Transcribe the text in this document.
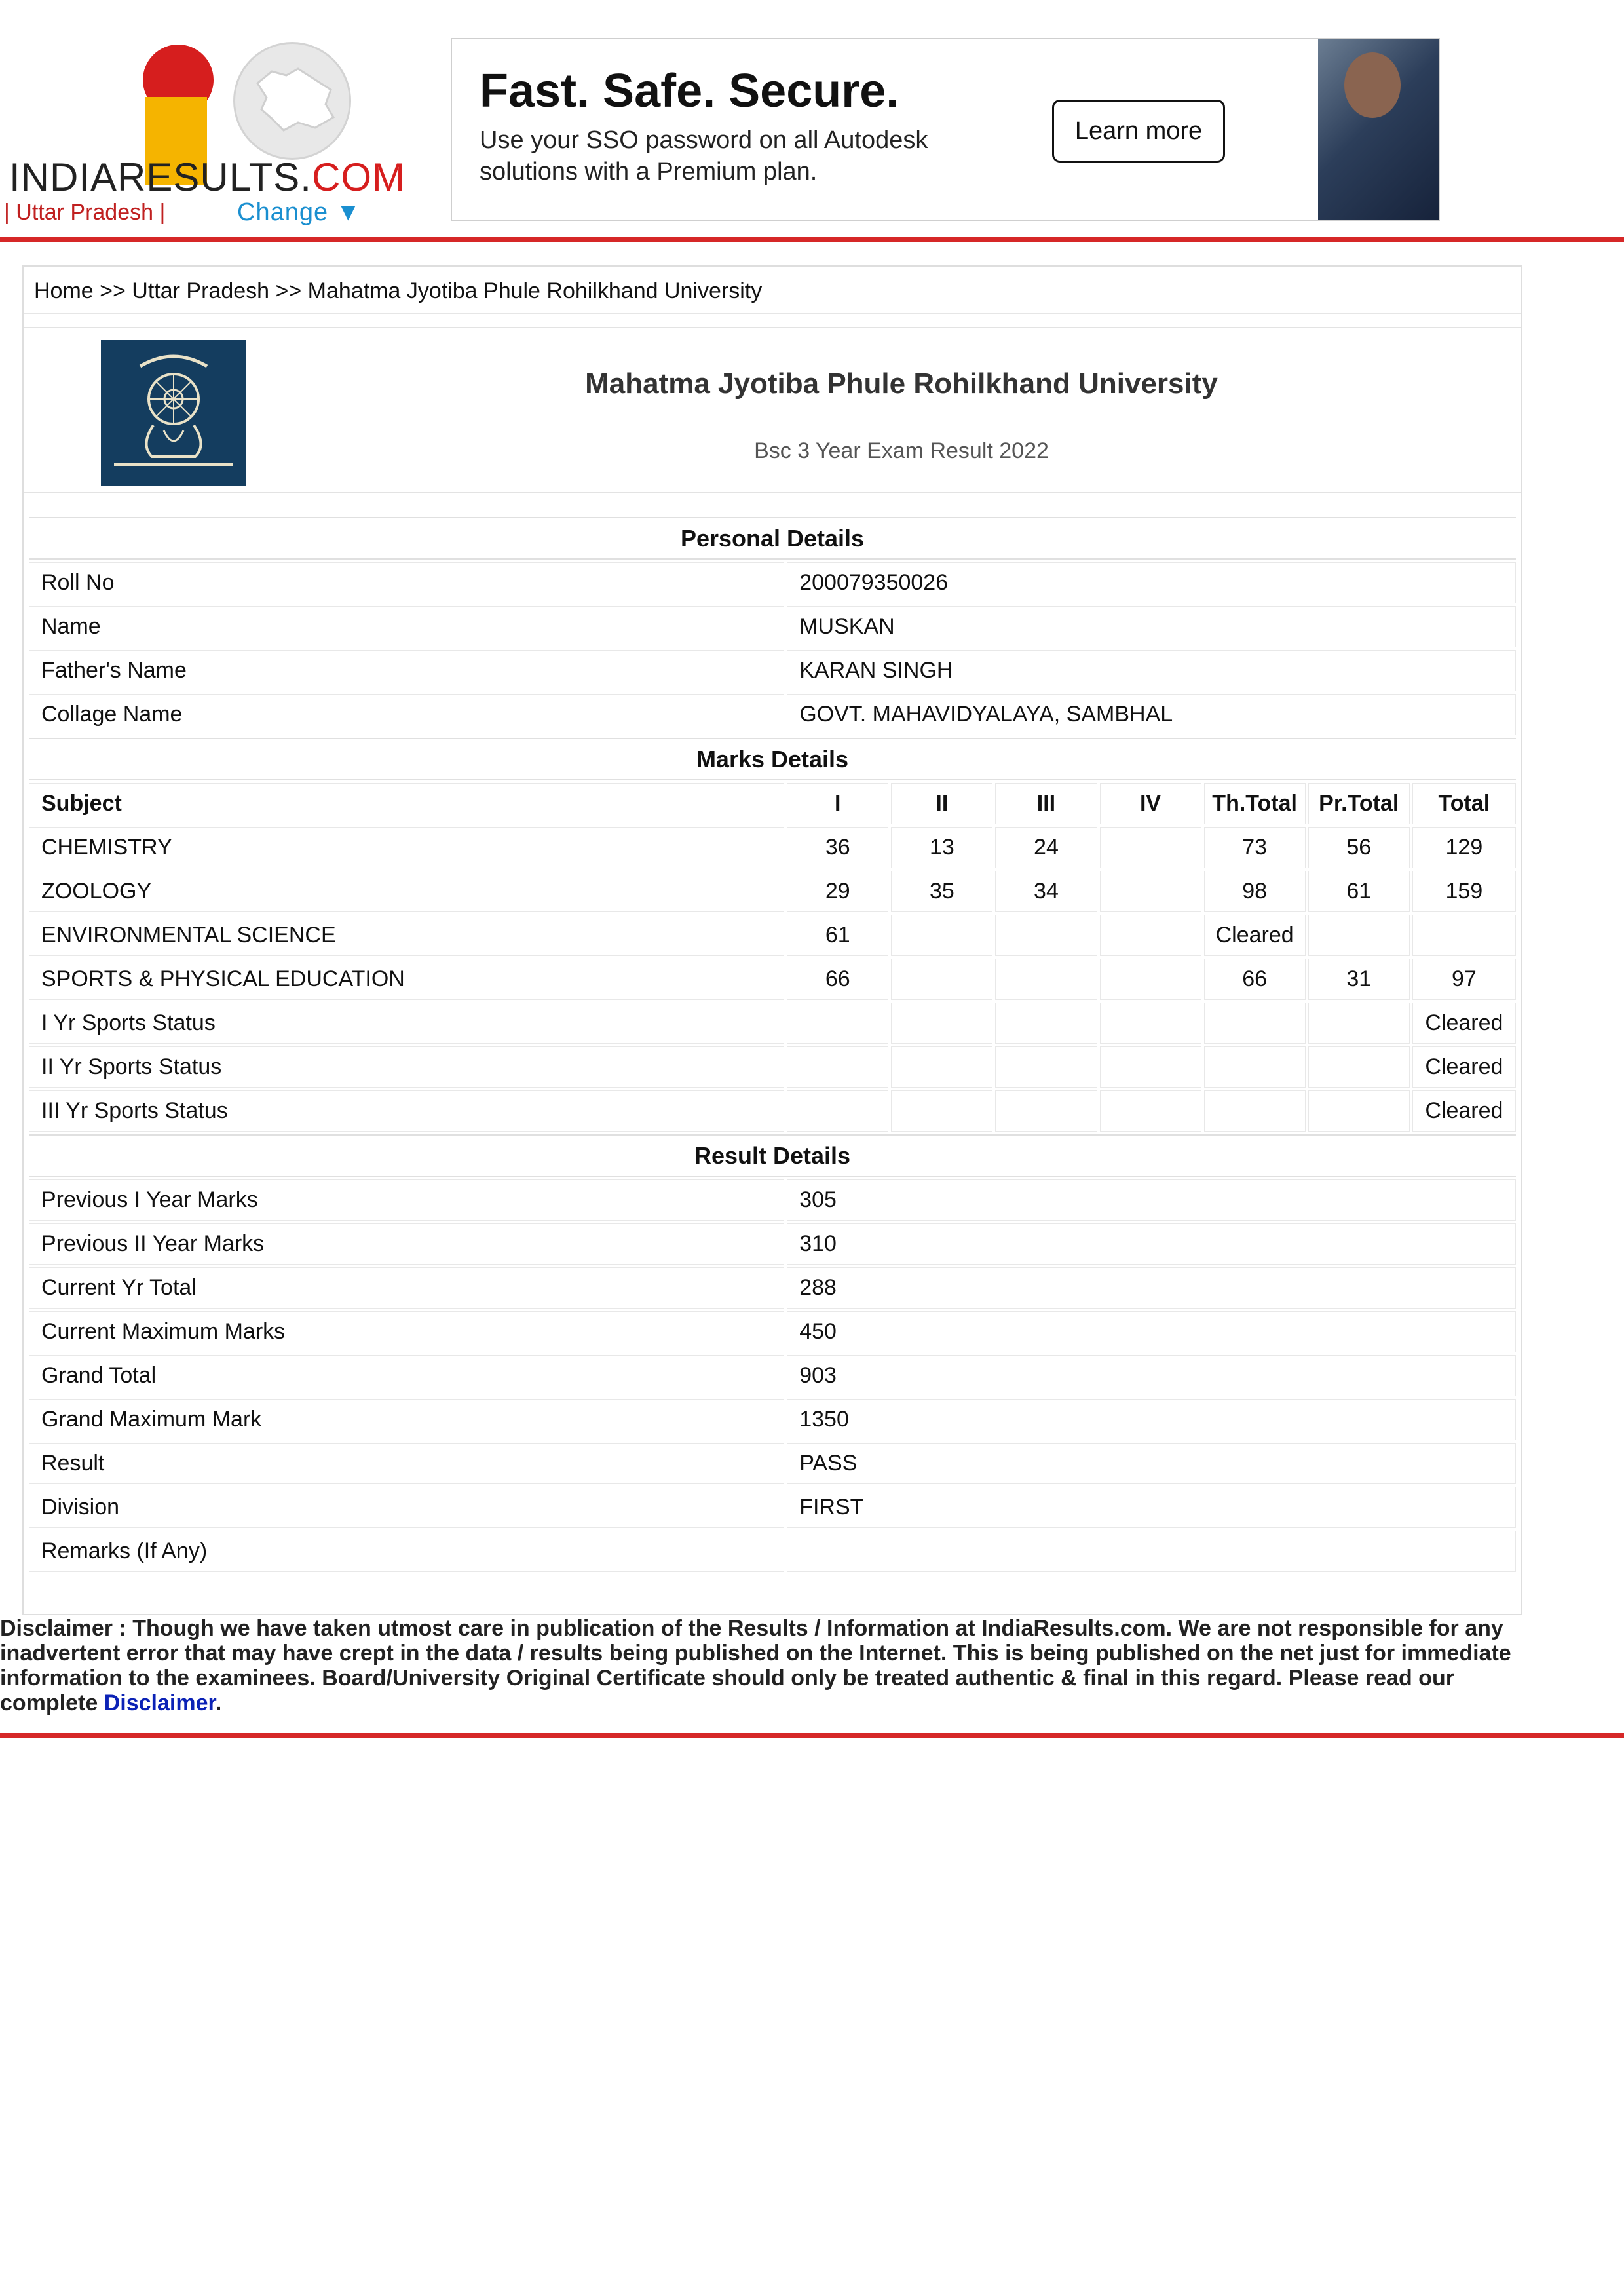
INDIARESULTS.COM
| Uttar Pradesh |	Change ▼
Fast. Safe. Secure.
Use your SSO password on all Autodesk solutions with a Premium plan.
Learn more
Home >> Uttar Pradesh >> Mahatma Jyotiba Phule Rohilkhand University
Mahatma Jyotiba Phule Rohilkhand University
Bsc 3 Year Exam Result 2022
Personal Details							
Roll No	200079350026						
Name	MUSKAN						
Father's Name	KARAN SINGH						
Collage Name	GOVT. MAHAVIDYALAYA, SAMBHAL						
Marks Details							
Subject	I	II	III	IV	Th.Total	Pr.Total	Total
CHEMISTRY	36	13	24		73	56	129
ZOOLOGY	29	35	34		98	61	159
ENVIRONMENTAL SCIENCE	61				Cleared		
SPORTS & PHYSICAL EDUCATION	66				66	31	97
I Yr Sports Status							Cleared
II Yr Sports Status							Cleared
III Yr Sports Status							Cleared
Result Details							
Previous I Year Marks	305						
Previous II Year Marks	310						
Current Yr Total	288						
Current Maximum Marks	450						
Grand Total	903						
Grand Maximum Mark	1350						
Result	PASS						
Division	FIRST						
Remarks (If Any)							
Disclaimer : Though we have taken utmost care in publication of the Results / Information at IndiaResults.com. We are not responsible for any inadvertent error that may have crept in the data / results being published on the Internet. This is being published on the net just for immediate information to the examinees. Board/University Original Certificate should only be treated authentic & final in this regard. Please read our complete Disclaimer.
